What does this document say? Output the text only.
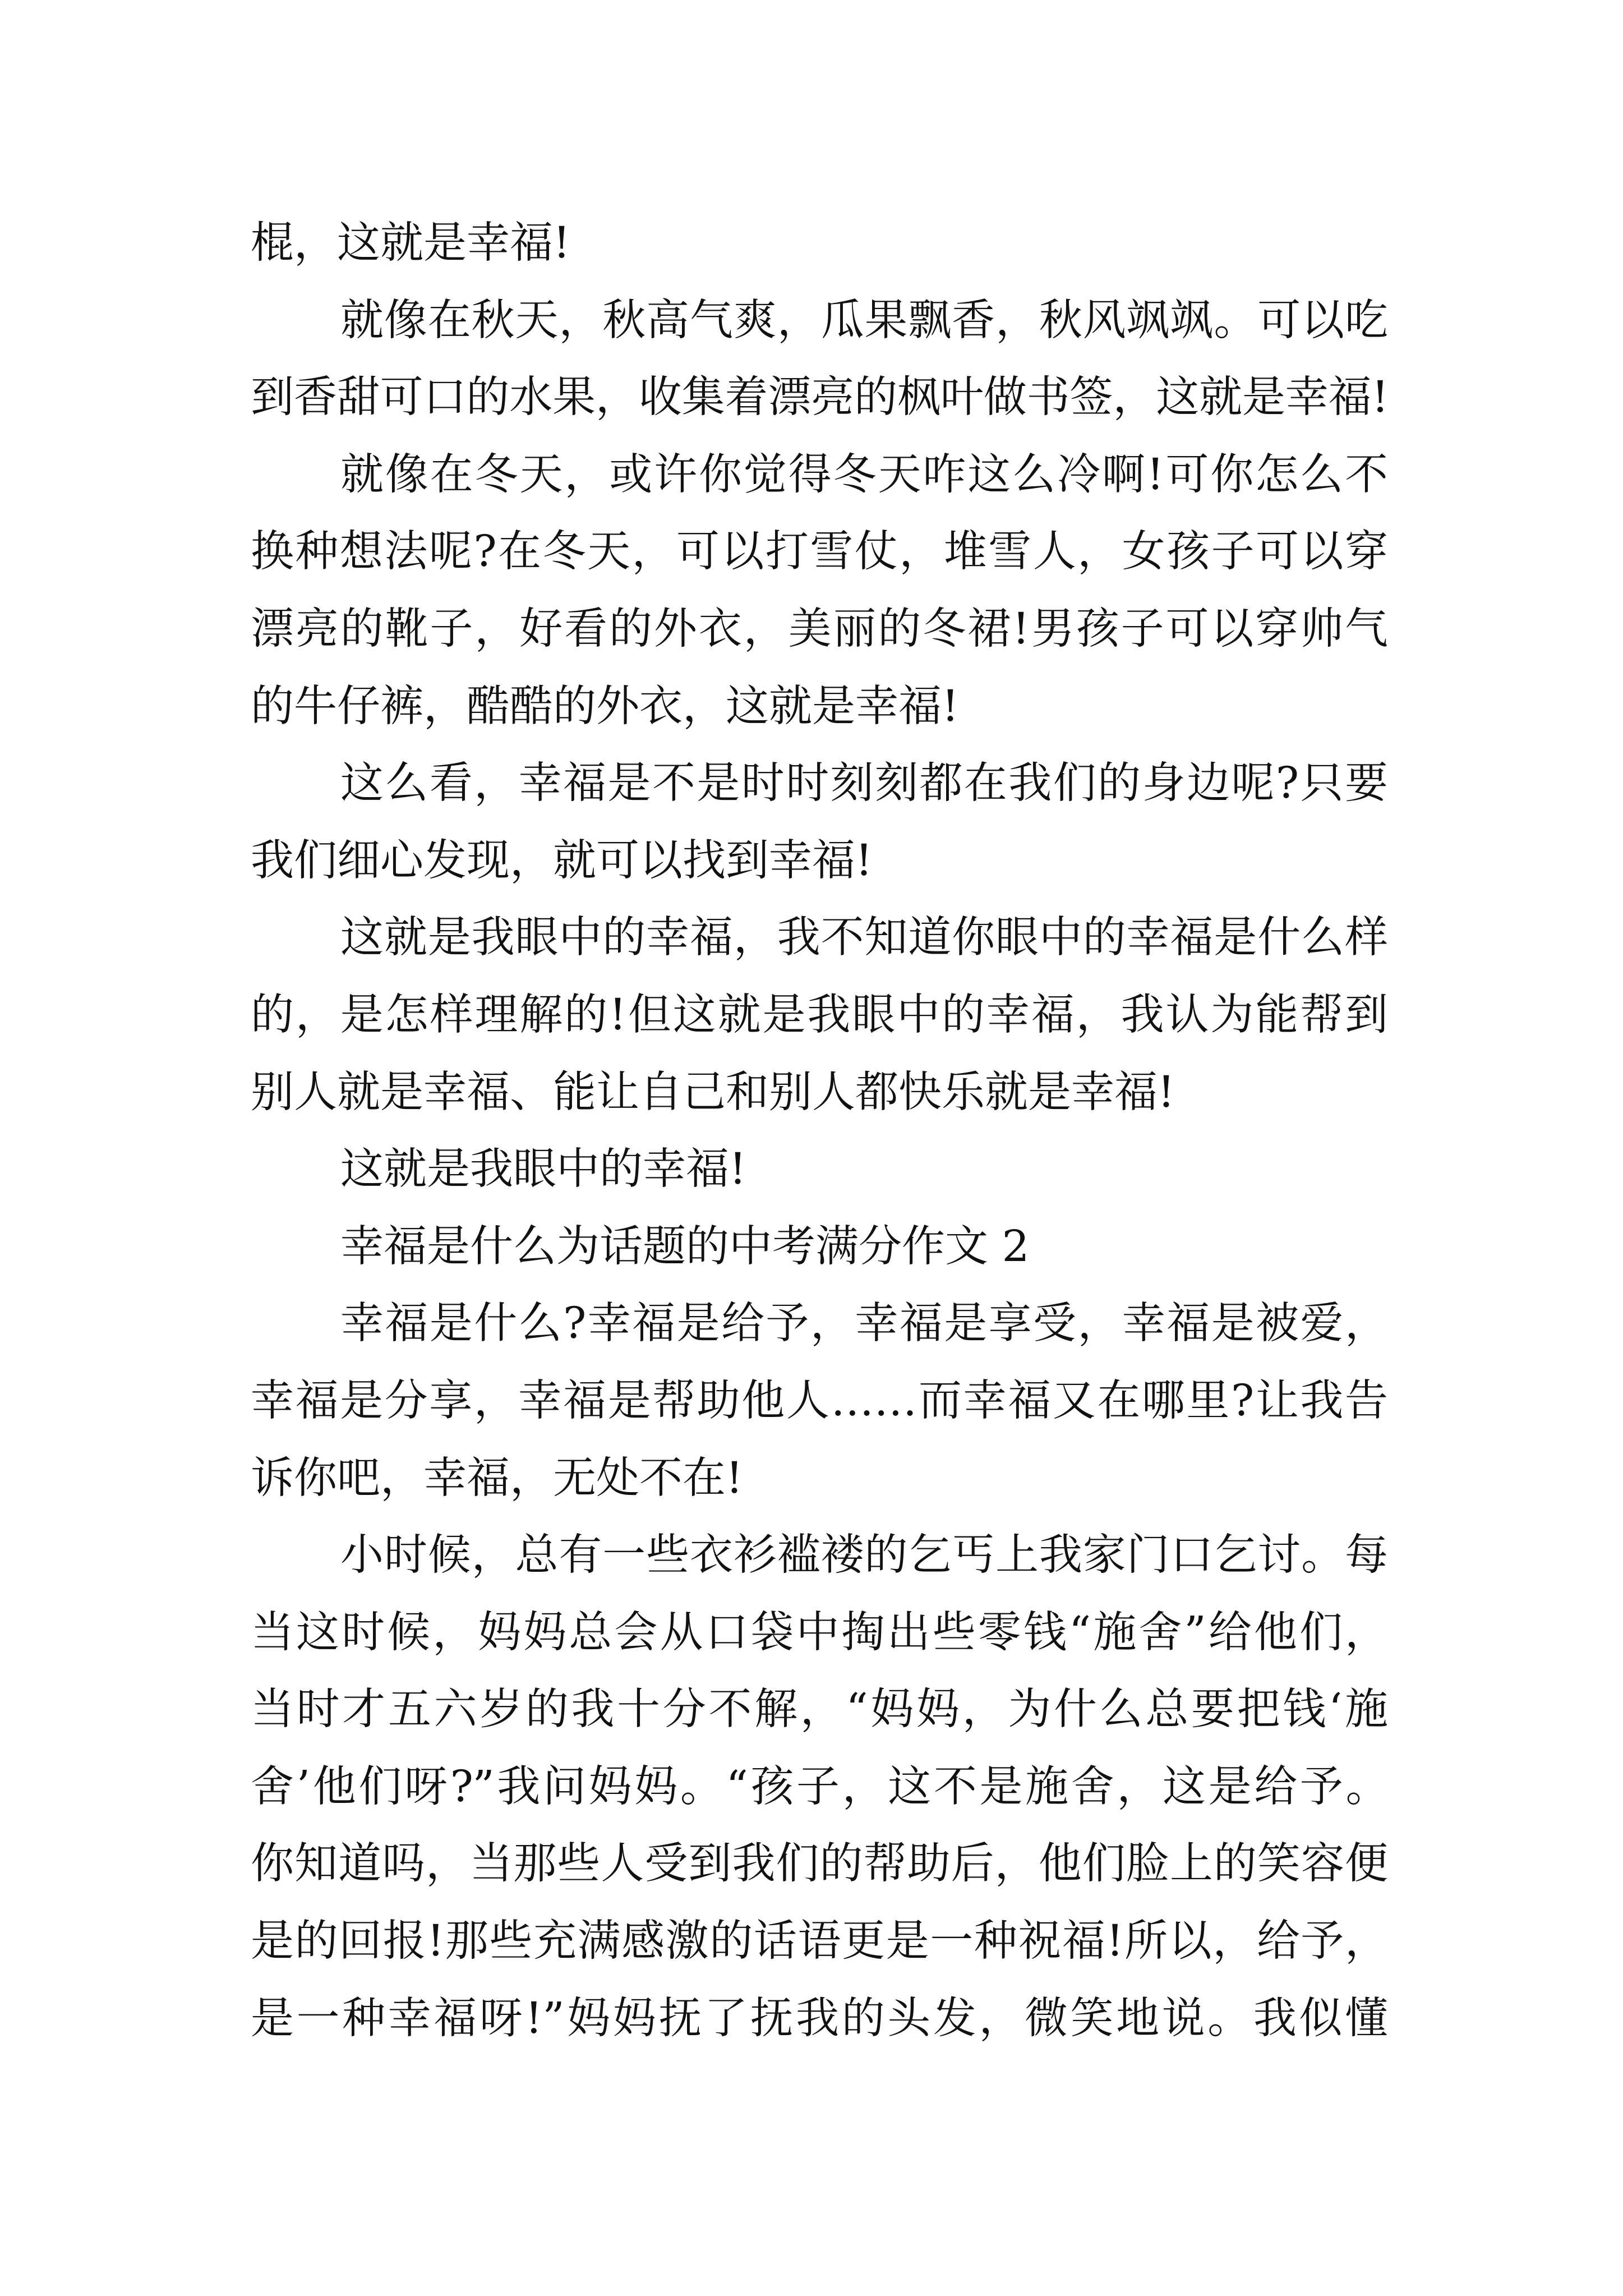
棍，这就是幸福!
就像在秋天，秋高气爽，瓜果飘香，秋风飒飒。可以吃
到香甜可口的水果，收集着漂亮的枫叶做书签，这就是幸福!
就像在冬天，或许你觉得冬天咋这么冷啊!可你怎么不
换种想法呢?在冬天，可以打雪仗，堆雪人，女孩子可以穿
漂亮的靴子，好看的外衣，美丽的冬裙!男孩子可以穿帅气
的牛仔裤，酷酷的外衣，这就是幸福!
这么看，幸福是不是时时刻刻都在我们的身边呢?只要
我们细心发现，就可以找到幸福!
这就是我眼中的幸福，我不知道你眼中的幸福是什么样
的，是怎样理解的!但这就是我眼中的幸福，我认为能帮到
别人就是幸福、能让自己和别人都快乐就是幸福!
这就是我眼中的幸福!
幸福是什么为话题的中考满分作文 2
幸福是什么?幸福是给予，幸福是享受，幸福是被爱，
幸福是分享，幸福是帮助他人……而幸福又在哪里?让我告
诉你吧，幸福，无处不在!
小时候，总有一些衣衫褴褛的乞丐上我家门口乞讨。每
当这时候，妈妈总会从口袋中掏出些零钱“施舍”给他们，
当时才五六岁的我十分不解，“妈妈，为什么总要把钱‘施
舍’他们呀?”我问妈妈。“孩子，这不是施舍，这是给予。
你知道吗，当那些人受到我们的帮助后，他们脸上的笑容便
是的回报!那些充满感激的话语更是一种祝福!所以，给予，
是一种幸福呀!”妈妈抚了抚我的头发，微笑地说。我似懂
